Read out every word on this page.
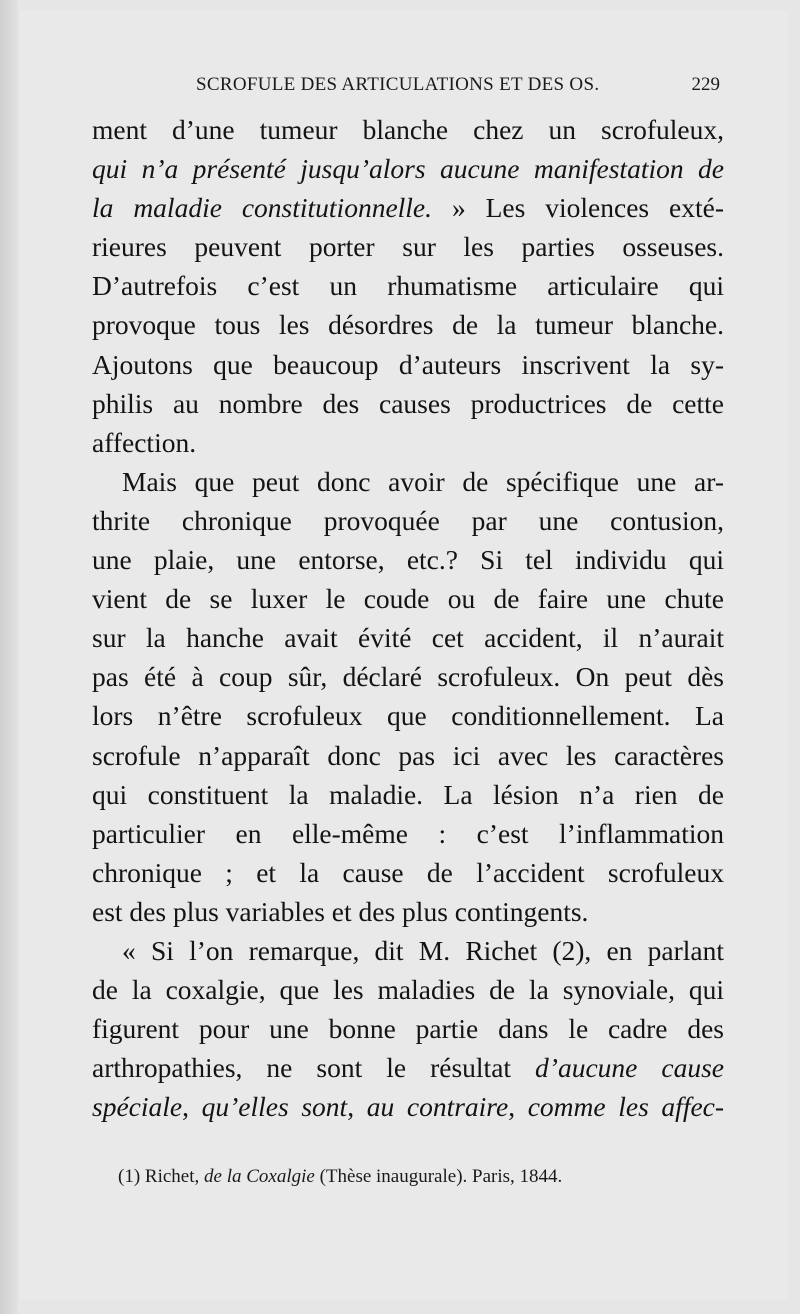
SCROFULE DES ARTICULATIONS ET DES OS.	229
ment d’une tumeur blanche chez un scrofuleux,
qui n’a présenté jusqu’alors aucune manifestation de
la maladie constitutionnelle. » Les violences exté-
rieures peuvent porter sur les parties osseuses.
D’autrefois c’est un rhumatisme articulaire qui
provoque tous les désordres de la tumeur blanche.
Ajoutons que beaucoup d’auteurs inscrivent la sy-
philis au nombre des causes productrices de cette
affection.
Mais que peut donc avoir de spécifique une ar-
thrite chronique provoquée par une contusion,
une plaie, une entorse, etc.? Si tel individu qui
vient de se luxer le coude ou de faire une chute
sur la hanche avait évité cet accident, il n’aurait
pas été à coup sûr, déclaré scrofuleux. On peut dès
lors n’être scrofuleux que conditionnellement. La
scrofule n’apparaît donc pas ici avec les caractères
qui constituent la maladie. La lésion n’a rien de
particulier en elle-même : c’est l’inflammation
chronique ; et la cause de l’accident scrofuleux
est des plus variables et des plus contingents.
« Si l’on remarque, dit M. Richet (2), en parlant
de la coxalgie, que les maladies de la synoviale, qui
figurent pour une bonne partie dans le cadre des
arthropathies, ne sont le résultat d’aucune cause
spéciale, qu’elles sont, au contraire, comme les affec-
(1) Richet, de la Coxalgie (Thèse inaugurale). Paris, 1844.
